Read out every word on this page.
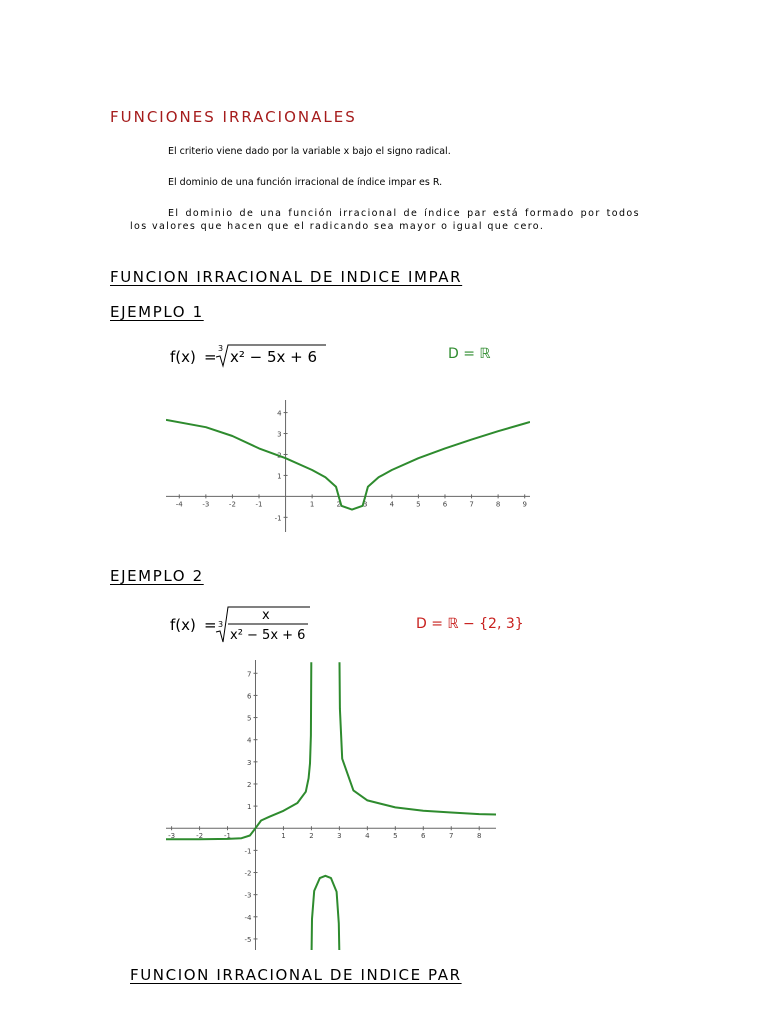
FUNCIONES IRRACIONALES
El criterio viene dado por la variable x bajo el signo radical.
El dominio de una función irracional de índice impar es R.
El dominio de una función irracional de índice par está formado por todos los valores que hacen que el radicando sea mayor o igual que cero.
FUNCION IRRACIONAL DE INDICE IMPAR
EJEMPLO 1
f(x) = 3 x² − 5x + 6	D = ℝ
-4	-3	-2	-1	1	2	3	4	5	6	7	8	9
-1
1
2
3
4
EJEMPLO 2
f(x) = 3
x
x² − 5x + 6
D = ℝ − {2, 3}
-3	-2	-1	1	2	3	4	5	6	7	8
-5
-4
-3
-2
-1
1
2
3
4
5
6
7
FUNCION IRRACIONAL DE INDICE PAR
